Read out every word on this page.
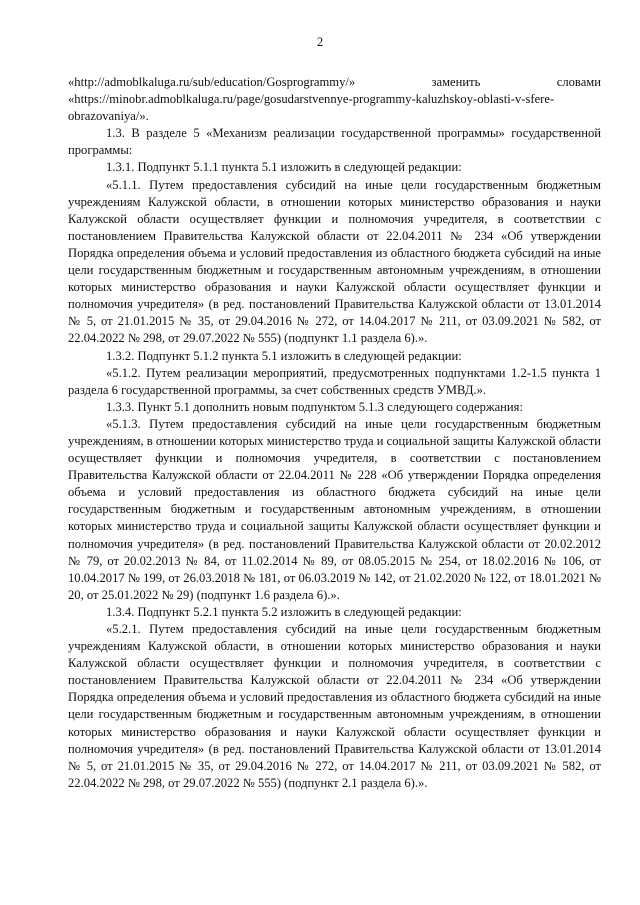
2

«http://admoblkaluga.ru/sub/education/Gosprogrammy/» заменить словами «https://minobr.admoblkaluga.ru/page/gosudarstvennye-programmy-kaluzhskoy-oblasti-v-sfere-obrazovaniya/».

1.3. В разделе 5 «Механизм реализации государственной программы» государственной программы:

1.3.1. Подпункт 5.1.1 пункта 5.1 изложить в следующей редакции:

«5.1.1. Путем предоставления субсидий на иные цели государственным бюджетным учреждениям Калужской области, в отношении которых министерство образования и науки Калужской области осуществляет функции и полномочия учредителя, в соответствии с постановлением Правительства Калужской области от 22.04.2011 № 234 «Об утверждении Порядка определения объема и условий предоставления из областного бюджета субсидий на иные цели государственным бюджетным и государственным автономным учреждениям, в отношении которых министерство образования и науки Калужской области осуществляет функции и полномочия учредителя» (в ред. постановлений Правительства Калужской области от 13.01.2014 № 5, от 21.01.2015 № 35, от 29.04.2016 № 272, от 14.04.2017 № 211, от 03.09.2021 № 582, от 22.04.2022 № 298, от 29.07.2022 № 555) (подпункт 1.1 раздела 6).».

1.3.2. Подпункт 5.1.2 пункта 5.1 изложить в следующей редакции:

«5.1.2. Путем реализации мероприятий, предусмотренных подпунктами 1.2-1.5 пункта 1 раздела 6 государственной программы, за счет собственных средств УМВД.».

1.3.3. Пункт 5.1 дополнить новым подпунктом 5.1.3 следующего содержания:

«5.1.3. Путем предоставления субсидий на иные цели государственным бюджетным учреждениям, в отношении которых министерство труда и социальной защиты Калужской области осуществляет функции и полномочия учредителя, в соответствии с постановлением Правительства Калужской области от 22.04.2011 № 228 «Об утверждении Порядка определения объема и условий предоставления из областного бюджета субсидий на иные цели государственным бюджетным и государственным автономным учреждениям, в отношении которых министерство труда и социальной защиты Калужской области осуществляет функции и полномочия учредителя» (в ред. постановлений Правительства Калужской области от 20.02.2012 № 79, от 20.02.2013 № 84, от 11.02.2014 № 89, от 08.05.2015 № 254, от 18.02.2016 № 106, от 10.04.2017 № 199, от 26.03.2018 № 181, от 06.03.2019 № 142, от 21.02.2020 № 122, от 18.01.2021 № 20, от 25.01.2022 № 29) (подпункт 1.6 раздела 6).».

1.3.4. Подпункт 5.2.1 пункта 5.2 изложить в следующей редакции:

«5.2.1. Путем предоставления субсидий на иные цели государственным бюджетным учреждениям Калужской области, в отношении которых министерство образования и науки Калужской области осуществляет функции и полномочия учредителя, в соответствии с постановлением Правительства Калужской области от 22.04.2011 № 234 «Об утверждении Порядка определения объема и условий предоставления из областного бюджета субсидий на иные цели государственным бюджетным и государственным автономным учреждениям, в отношении которых министерство образования и науки Калужской области осуществляет функции и полномочия учредителя» (в ред. постановлений Правительства Калужской области от 13.01.2014 № 5, от 21.01.2015 № 35, от 29.04.2016 № 272, от 14.04.2017 № 211, от 03.09.2021 № 582, от 22.04.2022 № 298, от 29.07.2022 № 555) (подпункт 2.1 раздела 6).».
